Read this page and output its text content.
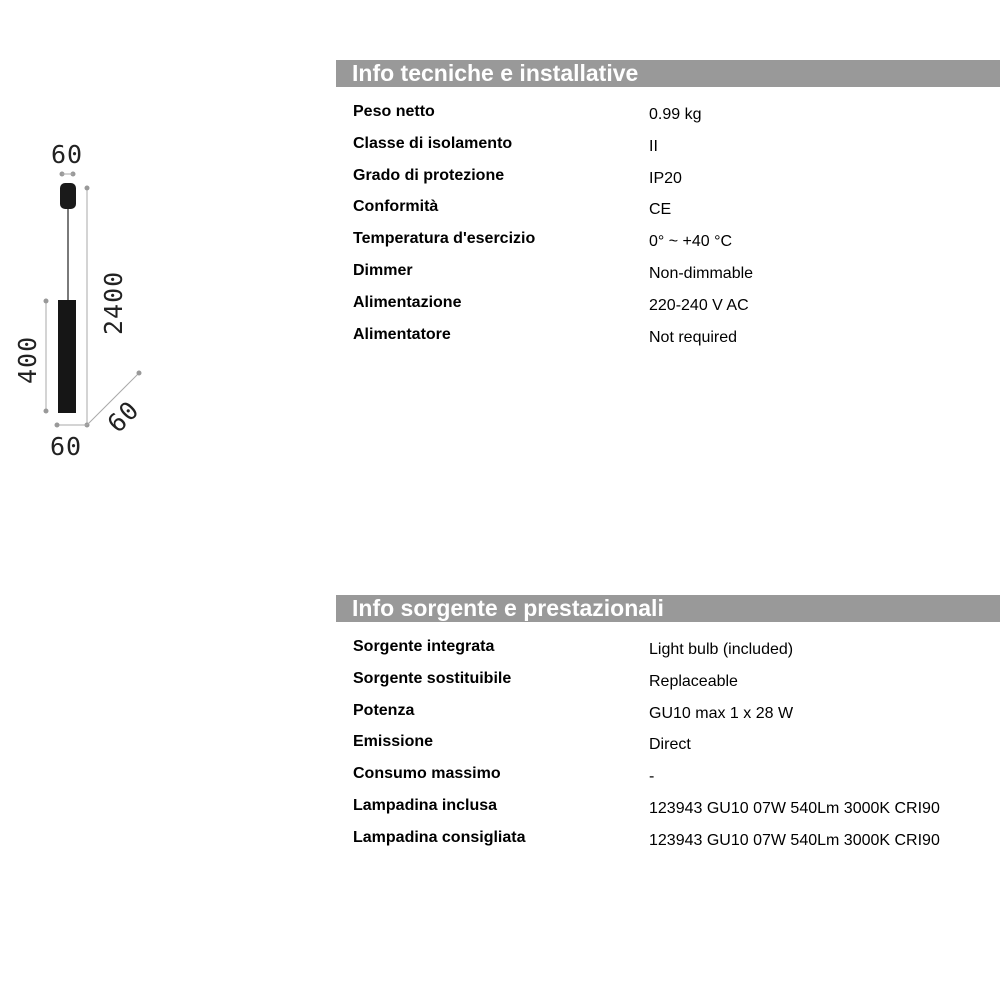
60
2400
400
60
60
Info tecniche e installative
Peso netto	0.99 kg
Classe di isolamento	II
Grado di protezione	IP20
Conformità	CE
Temperatura d'esercizio	0° ~ +40 °C
Dimmer	Non-dimmable
Alimentazione	220-240 V AC
Alimentatore	Not required
Info sorgente e prestazionali
Sorgente integrata	Light bulb (included)
Sorgente sostituibile	Replaceable
Potenza	GU10 max 1 x 28 W
Emissione	Direct
Consumo massimo	-
Lampadina inclusa	123943 GU10 07W 540Lm 3000K CRI90
Lampadina consigliata	123943 GU10 07W 540Lm 3000K CRI90
